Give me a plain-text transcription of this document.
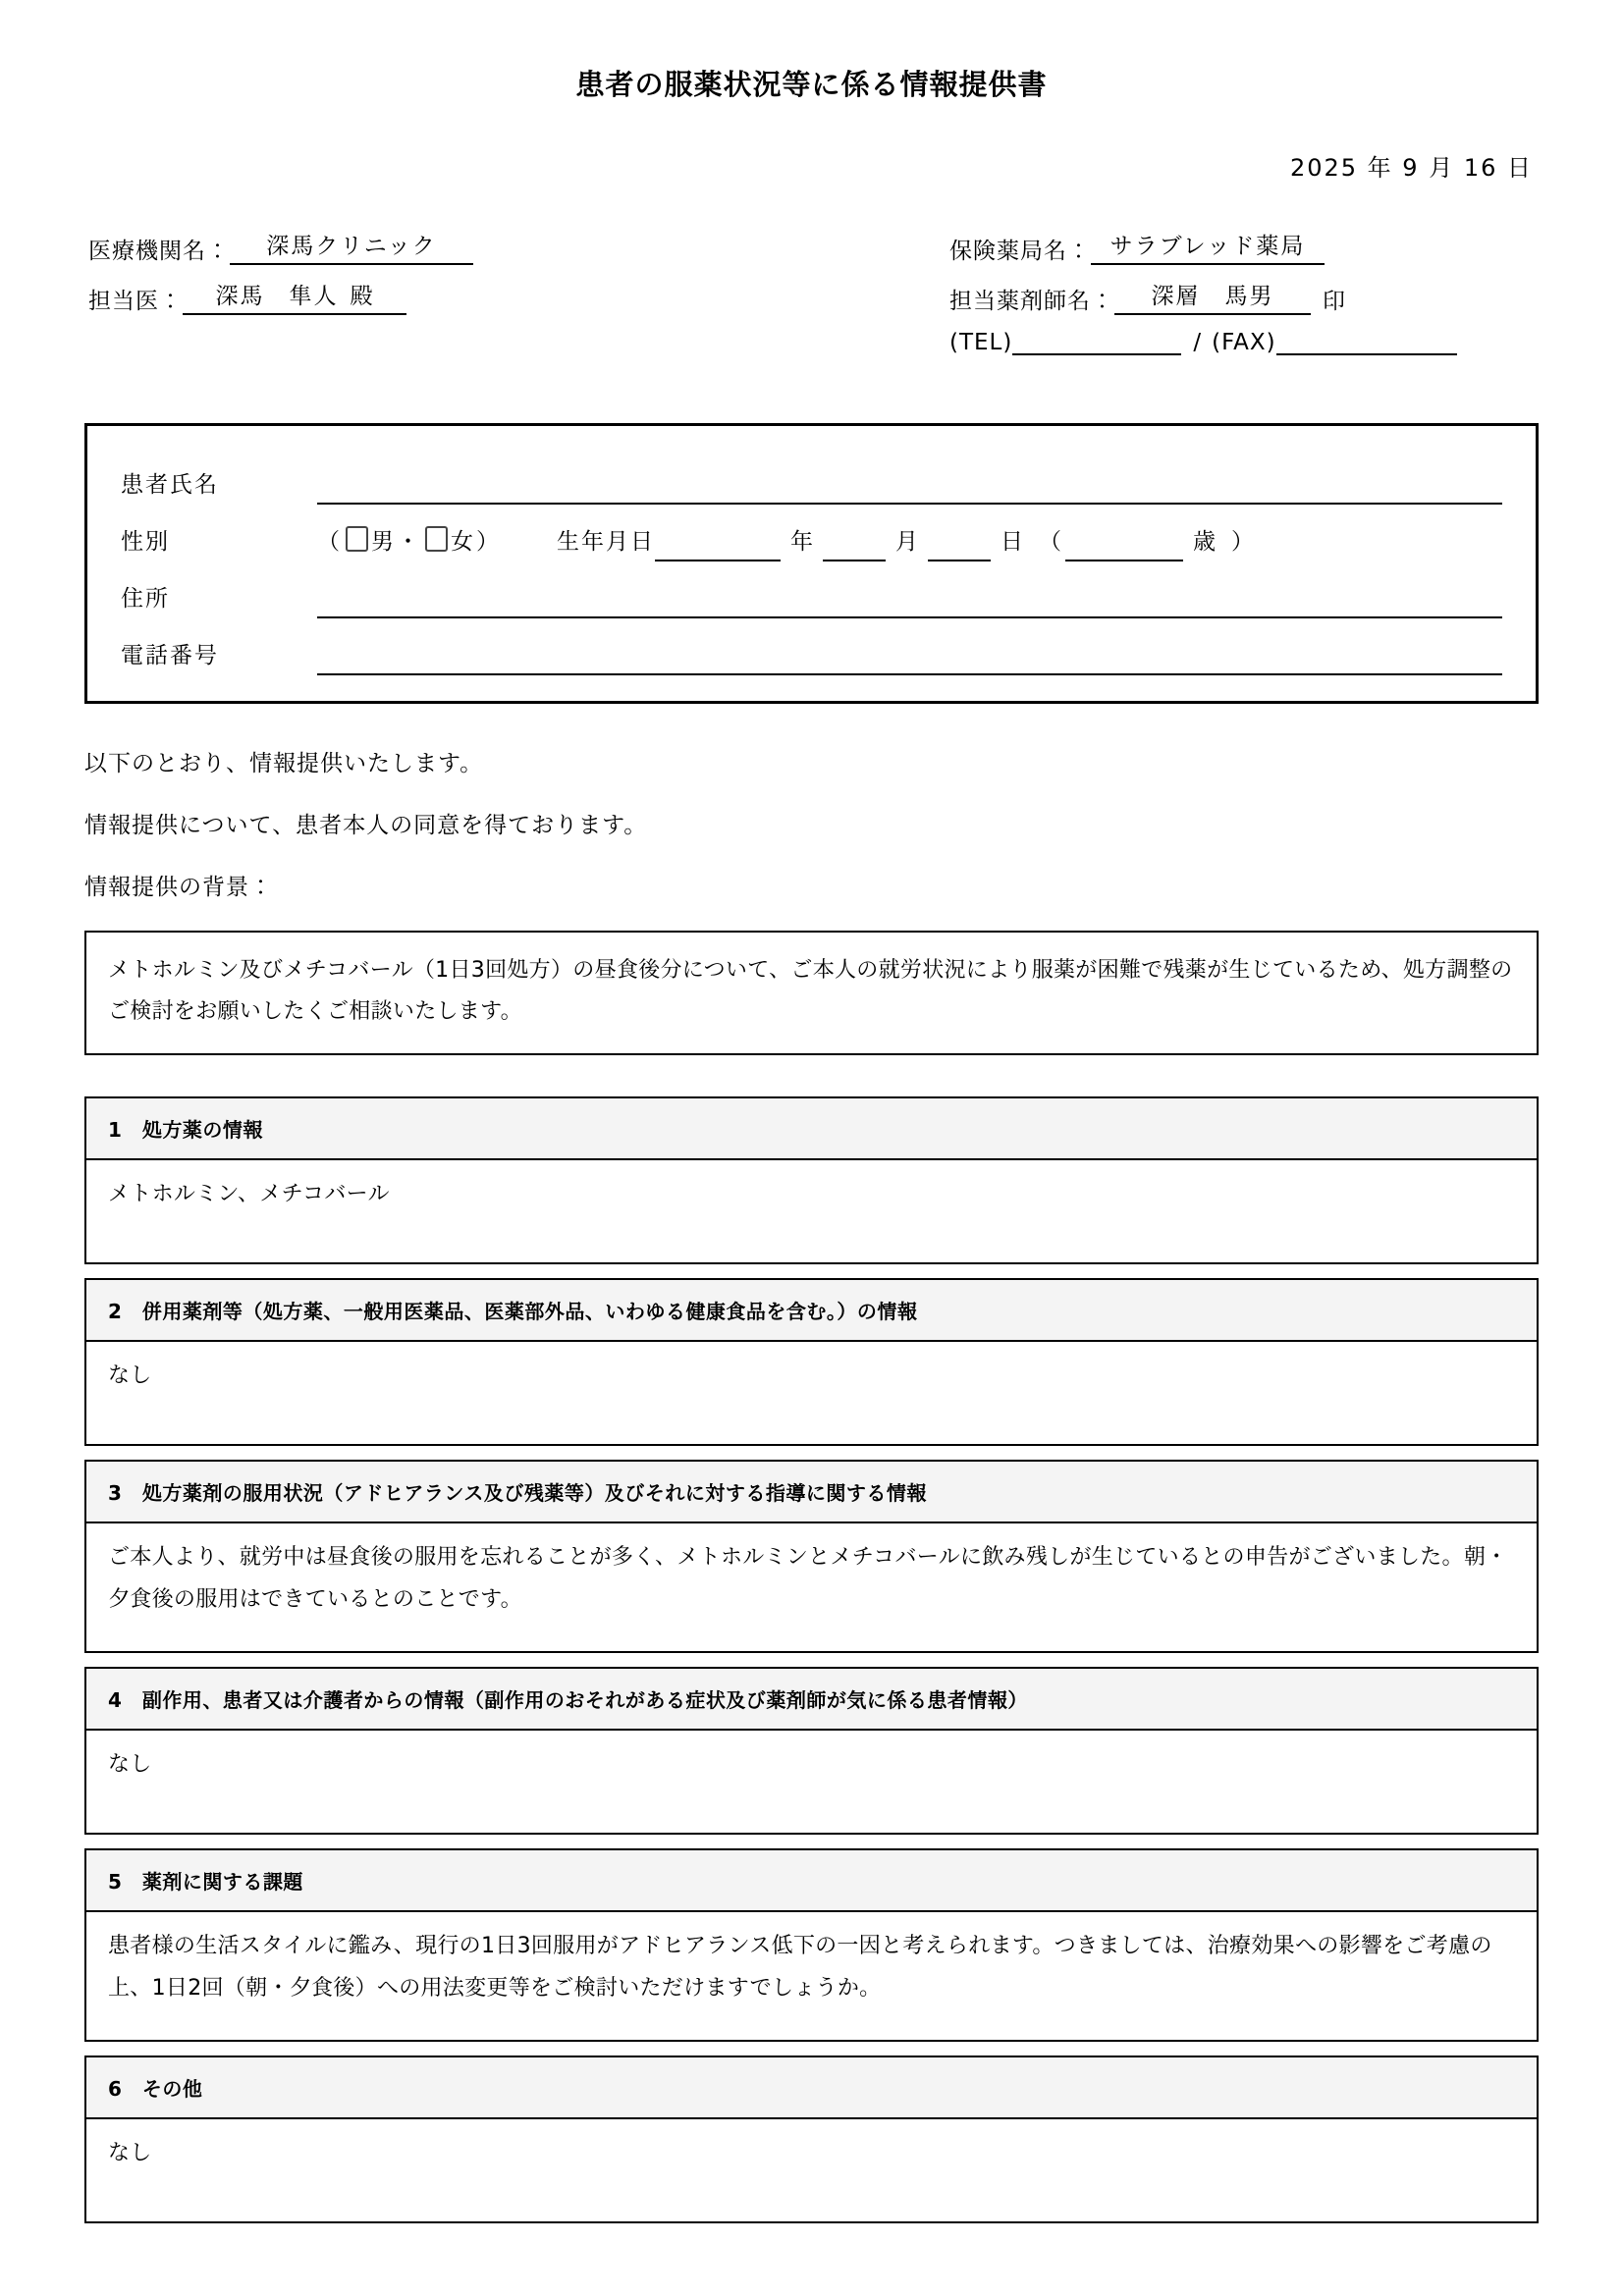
患者の服薬状況等に係る情報提供書
2025 年 9 月 16 日
医療機関名：	深馬クリニック
担当医：	深馬　隼人 殿
保険薬局名： サラブレッド薬局
担当薬剤師名：	深層　馬男	印
(TEL)	/ (FAX)
患者氏名
性別	（ 男・ 女）	生年月日	年	月	日 （	歳 ）
住所
電話番号

以下のとおり、情報提供いたします。

情報提供について、患者本人の同意を得ております。

情報提供の背景：

メトホルミン及びメチコバール（1日3回処方）の昼食後分について、ご本人の就労状況により服薬が困難で残薬が生じているため、処方調整のご検討をお願いしたくご相談いたします。
1　処方薬の情報
メトホルミン、メチコバール
2　併用薬剤等（処方薬、一般用医薬品、医薬部外品、いわゆる健康食品を含む。）の情報
なし
3　処方薬剤の服用状況（アドヒアランス及び残薬等）及びそれに対する指導に関する情報
ご本人より、就労中は昼食後の服用を忘れることが多く、メトホルミンとメチコバールに飲み残しが生じているとの申告がございました。朝・夕食後の服用はできているとのことです。
4　副作用、患者又は介護者からの情報（副作用のおそれがある症状及び薬剤師が気に係る患者情報）
なし
5　薬剤に関する課題
患者様の生活スタイルに鑑み、現行の1日3回服用がアドヒアランス低下の一因と考えられます。つきましては、治療効果への影響をご考慮の上、1日2回（朝・夕食後）への用法変更等をご検討いただけますでしょうか。
6　その他
なし
